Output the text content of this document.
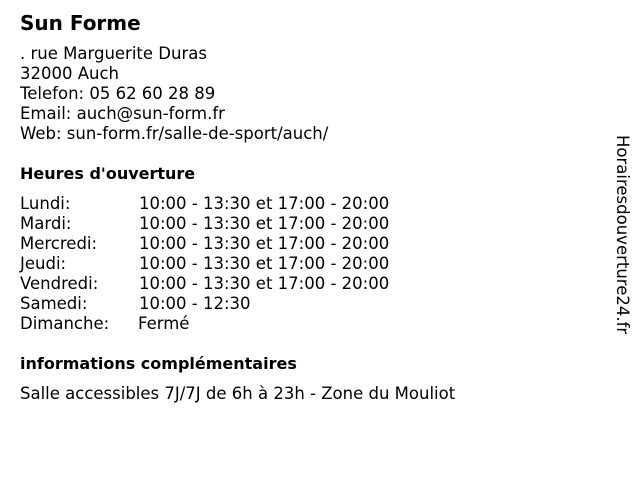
Sun Forme
. rue Marguerite Duras
32000 Auch
Telefon: 05 62 60 28 89
Email: auch@sun-form.fr
Web: sun-form.fr/salle-de-sport/auch/
Heures d'ouverture
Lundi:	10:00 - 13:30 et 17:00 - 20:00
Mardi:	10:00 - 13:30 et 17:00 - 20:00
Mercredi:	10:00 - 13:30 et 17:00 - 20:00
Jeudi:	10:00 - 13:30 et 17:00 - 20:00
Vendredi: 10:00 - 13:30 et 17:00 - 20:00
Samedi:	10:00 - 12:30
Dimanche: Fermé
informations complémentaires
Salle accessibles 7J/7J de 6h à 23h - Zone du Mouliot
Horairesdouverture24.fr
